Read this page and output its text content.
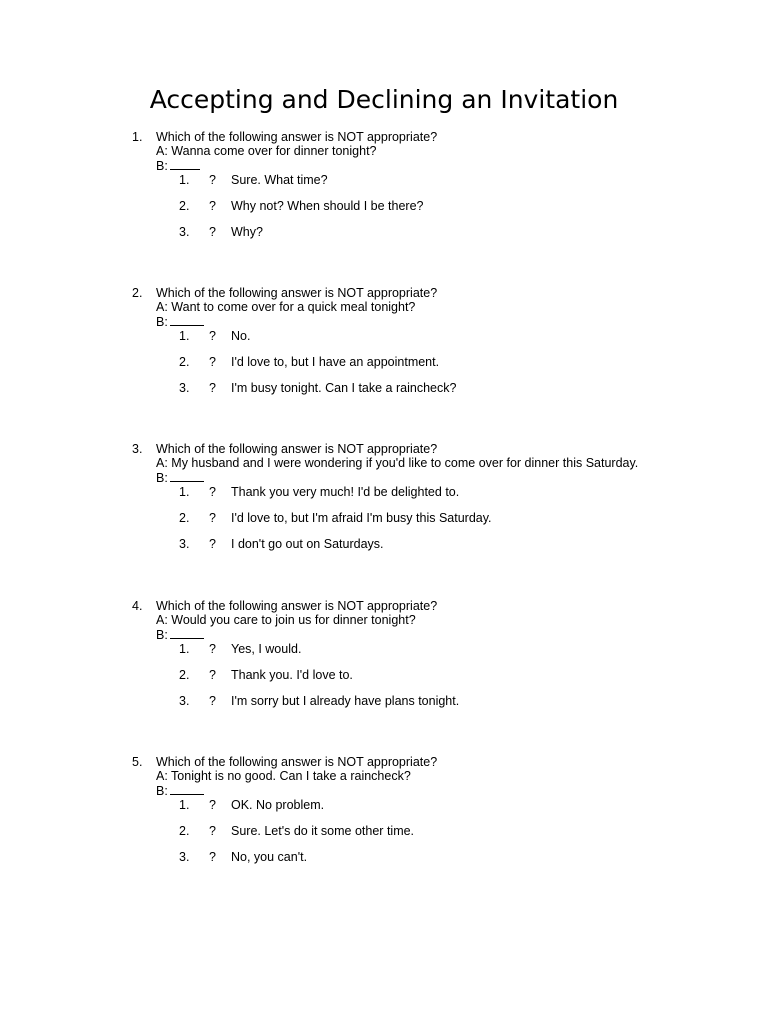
Accepting and Declining an Invitation
1. Which of the following answer is NOT appropriate?
A: Wanna come over for dinner tonight?
B:
1. ? Sure. What time?
2. ? Why not? When should I be there?
3. ? Why?
2. Which of the following answer is NOT appropriate?
A: Want to come over for a quick meal tonight?
B:
1. ? No.
2. ? I'd love to, but I have an appointment.
3. ? I'm busy tonight. Can I take a raincheck?
3. Which of the following answer is NOT appropriate?
A: My husband and I were wondering if you'd like to come over for dinner this Saturday.
B:
1. ? Thank you very much! I'd be delighted to.
2. ? I'd love to, but I'm afraid I'm busy this Saturday.
3. ? I don't go out on Saturdays.
4. Which of the following answer is NOT appropriate?
A: Would you care to join us for dinner tonight?
B:
1. ? Yes, I would.
2. ? Thank you. I'd love to.
3. ? I'm sorry but I already have plans tonight.
5. Which of the following answer is NOT appropriate?
A: Tonight is no good. Can I take a raincheck?
B:
1. ? OK. No problem.
2. ? Sure. Let's do it some other time.
3. ? No, you can't.
